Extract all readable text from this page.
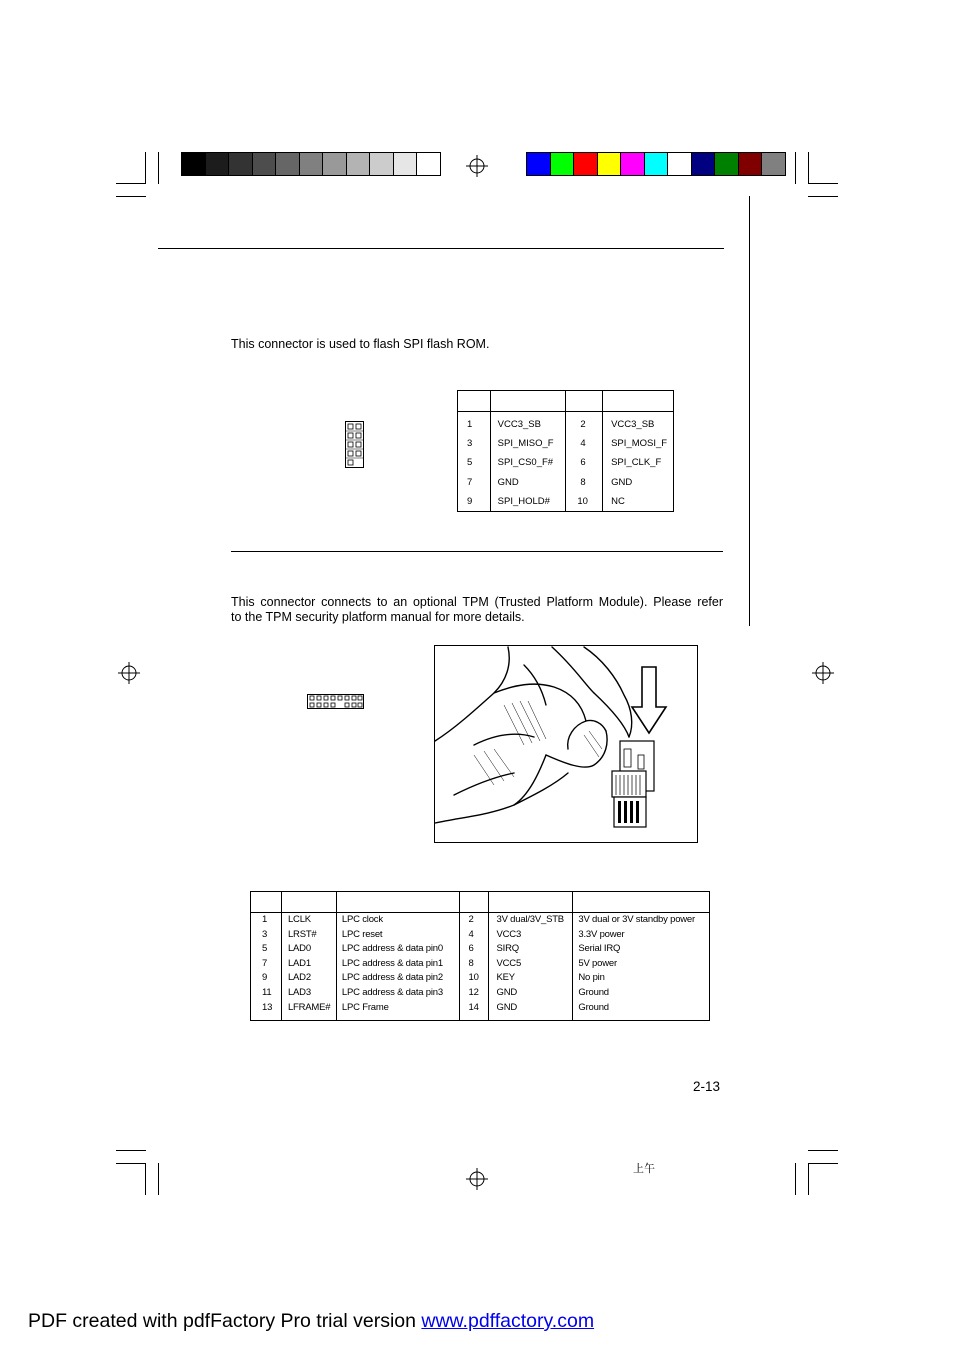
This connector is used to flash SPI flash ROM.

1	VCC3_SB	2	VCC3_SB
3	SPI_MISO_F	4	SPI_MOSI_F
5	SPI_CS0_F#	6	SPI_CLK_F
7	GND	8	GND
9	SPI_HOLD#	10	NC
This connector connects to an optional TPM (Trusted Platform Module). Please refer
to the TPM security platform manual for more details.

1	LCLK	LPC clock	2	3V dual/3V_STB	3V dual or 3V standby power
3	LRST#	LPC reset	4	VCC3	3.3V power
5	LAD0	LPC address & data pin0	6	SIRQ	Serial IRQ
7	LAD1	LPC address & data pin1	8	VCC5	5V power
9	LAD2	LPC address & data pin2	10	KEY	No pin
11	LAD3	LPC address & data pin3	12	GND	Ground
13	LFRAME#	LPC Frame	14	GND	Ground
2-13
上午
PDF created with pdfFactory Pro trial version www.pdffactory.com
